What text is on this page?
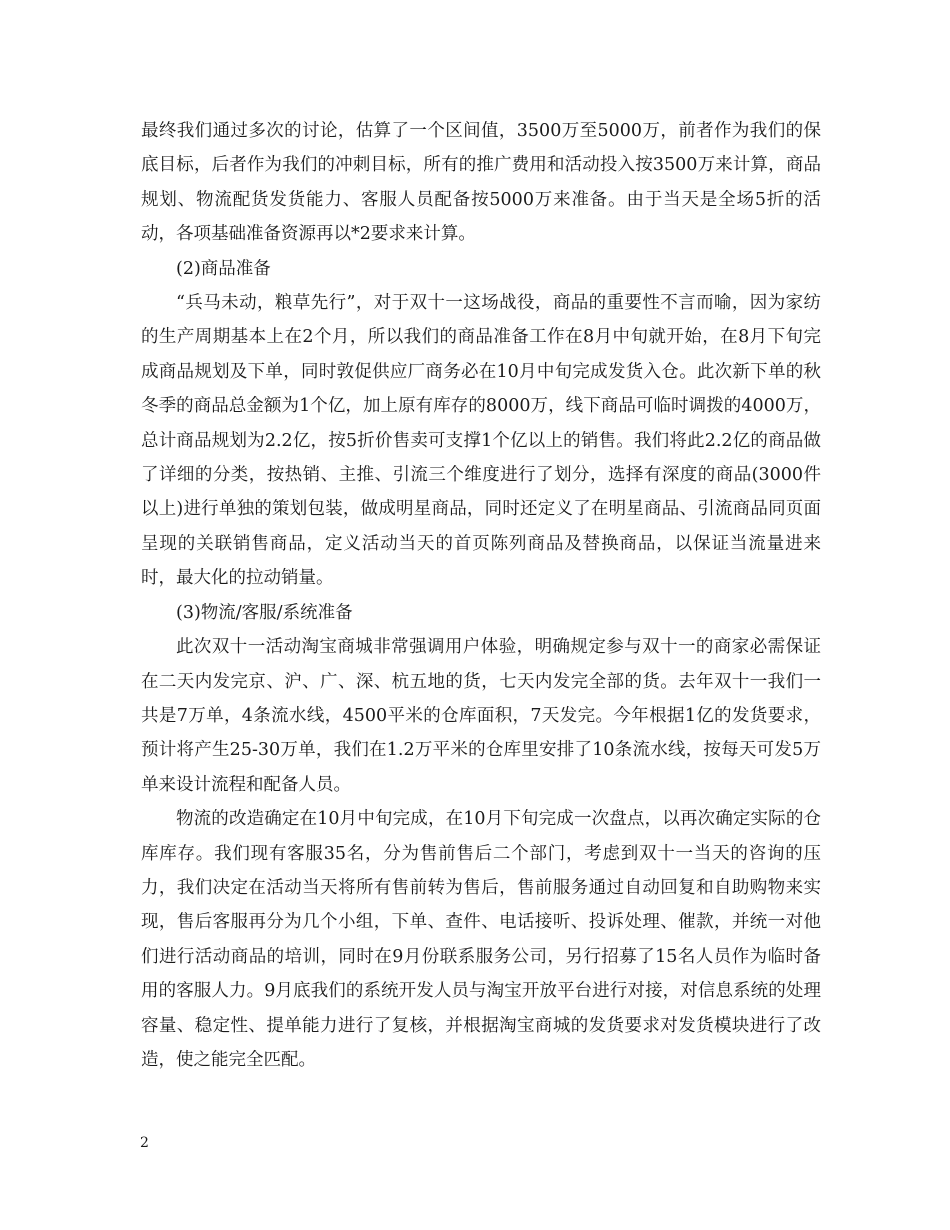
最终我们通过多次的讨论，估算了一个区间值，3500万至5000万，前者作为我们的保底目标，后者作为我们的冲刺目标，所有的推广费用和活动投入按3500万来计算，商品规划、物流配货发货能力、客服人员配备按5000万来准备。由于当天是全场5折的活动，各项基础准备资源再以*2要求来计算。

(2)商品准备

“兵马未动，粮草先行”，对于双十一这场战役，商品的重要性不言而喻，因为家纺的生产周期基本上在2个月，所以我们的商品准备工作在8月中旬就开始，在8月下旬完成商品规划及下单，同时敦促供应厂商务必在10月中旬完成发货入仓。此次新下单的秋冬季的商品总金额为1个亿，加上原有库存的8000万，线下商品可临时调拨的4000万，总计商品规划为2.2亿，按5折价售卖可支撑1个亿以上的销售。我们将此2.2亿的商品做了详细的分类，按热销、主推、引流三个维度进行了划分，选择有深度的商品(3000件以上)进行单独的策划包装，做成明星商品，同时还定义了在明星商品、引流商品同页面呈现的关联销售商品，定义活动当天的首页陈列商品及替换商品，以保证当流量进来时，最大化的拉动销量。

(3)物流/客服/系统准备

此次双十一活动淘宝商城非常强调用户体验，明确规定参与双十一的商家必需保证在二天内发完京、沪、广、深、杭五地的货，七天内发完全部的货。去年双十一我们一共是7万单，4条流水线，4500平米的仓库面积，7天发完。今年根据1亿的发货要求，预计将产生25-30万单，我们在1.2万平米的仓库里安排了10条流水线，按每天可发5万单来设计流程和配备人员。

物流的改造确定在10月中旬完成，在10月下旬完成一次盘点，以再次确定实际的仓库库存。我们现有客服35名，分为售前售后二个部门，考虑到双十一当天的咨询的压力，我们决定在活动当天将所有售前转为售后，售前服务通过自动回复和自助购物来实现，售后客服再分为几个小组，下单、查件、电话接听、投诉处理、催款，并统一对他们进行活动商品的培训，同时在9月份联系服务公司，另行招募了15名人员作为临时备用的客服人力。9月底我们的系统开发人员与淘宝开放平台进行对接，对信息系统的处理容量、稳定性、提单能力进行了复核，并根据淘宝商城的发货要求对发货模块进行了改造，使之能完全匹配。

2
